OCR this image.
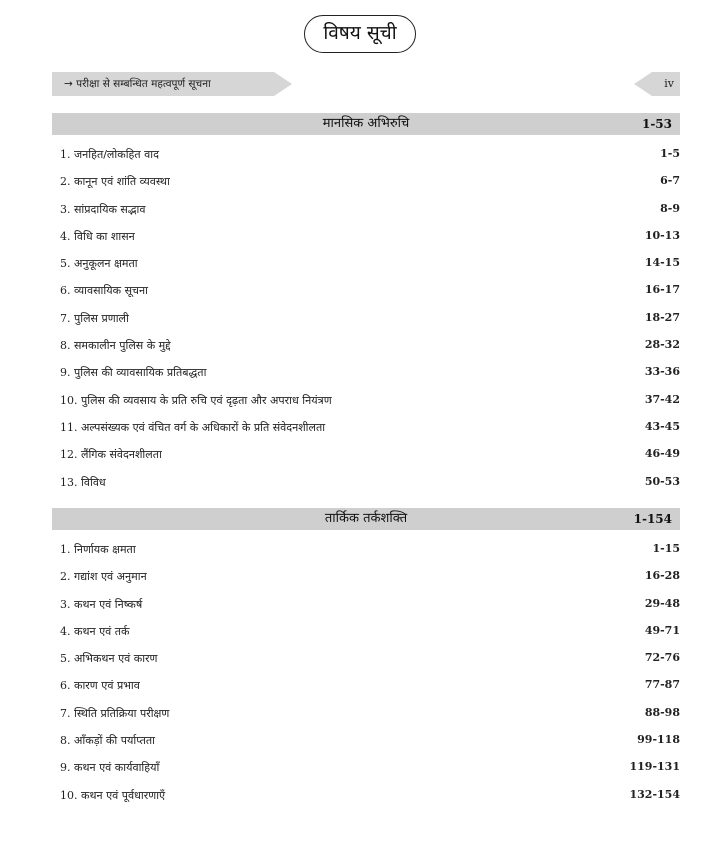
विषय सूची
→ परीक्षा से सम्बन्धित महत्वपूर्ण सूचना	iv
मानसिक अभिरुचि	1-53
1. जनहित/लोकहित वाद	1-5
2. कानून एवं शांति व्यवस्था	6-7
3. सांप्रदायिक सद्भाव	8-9
4. विधि का शासन	10-13
5. अनुकूलन क्षमता	14-15
6. व्यावसायिक सूचना	16-17
7. पुलिस प्रणाली	18-27
8. समकालीन पुलिस के मुद्दे	28-32
9. पुलिस की व्यावसायिक प्रतिबद्धता	33-36
10. पुलिस की व्यवसाय के प्रति रुचि एवं दृढ़ता और अपराध नियंत्रण	37-42
11. अल्पसंख्यक एवं वंचित वर्ग के अधिकारों के प्रति संवेदनशीलता	43-45
12. लैंगिक संवेदनशीलता	46-49
13. विविध	50-53
तार्किक तर्कशक्ति	1-154
1. निर्णायक क्षमता	1-15
2. गद्यांश एवं अनुमान	16-28
3. कथन एवं निष्कर्ष	29-48
4. कथन एवं तर्क	49-71
5. अभिकथन एवं कारण	72-76
6. कारण एवं प्रभाव	77-87
7. स्थिति प्रतिक्रिया परीक्षण	88-98
8. आँकड़ों की पर्याप्तता	99-118
9. कथन एवं कार्यवाहियाँ	119-131
10. कथन एवं पूर्वधारणाएँ	132-154
